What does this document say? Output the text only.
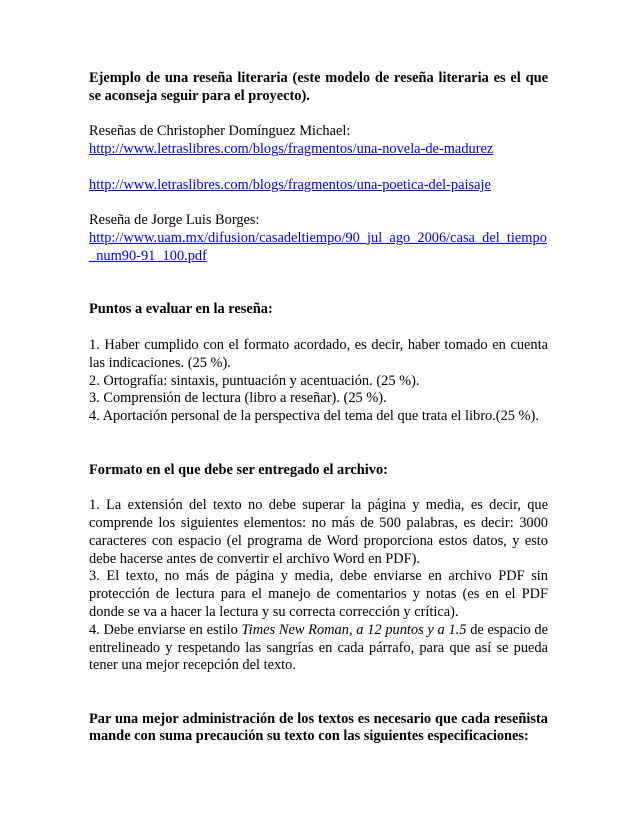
Ejemplo de una reseña literaria (este modelo de reseña literaria es el que se aconseja seguir para el proyecto).

Reseñas de Christopher Domínguez Michael:

http://www.letraslibres.com/blogs/fragmentos/una-novela-de-madurez

http://www.letraslibres.com/blogs/fragmentos/una-poetica-del-paisaje

Reseña de Jorge Luis Borges:

http://www.uam.mx/difusion/casadeltiempo/90_jul_ago_2006/casa_del_tiempo_num90-91_100.pdf

Puntos a evaluar en la reseña:

1. Haber cumplido con el formato acordado, es decir, haber tomado en cuenta las indicaciones. (25 %).

2. Ortografía: sintaxis, puntuación y acentuación. (25 %).

3. Comprensión de lectura (libro a reseñar). (25 %).

4. Aportación personal de la perspectiva del tema del que trata el libro.(25 %).

Formato en el que debe ser entregado el archivo:

1. La extensión del texto no debe superar la página y media, es decir, que comprende los siguientes elementos: no más de 500 palabras, es decir: 3000 caracteres con espacio (el programa de Word proporciona estos datos, y esto debe hacerse antes de convertir el archivo Word en PDF).

3. El texto, no más de página y media, debe enviarse en archivo PDF sin protección de lectura para el manejo de comentarios y notas (es en el PDF donde se va a hacer la lectura y su correcta corrección y crítica).

4. Debe enviarse en estilo Times New Roman, a 12 puntos y a 1.5 de espacio de entrelineado y respetando las sangrías en cada párrafo, para que así se pueda tener una mejor recepción del texto.

Par una mejor administración de los textos es necesario que cada reseñista mande con suma precaución su texto con las siguientes especificaciones:
